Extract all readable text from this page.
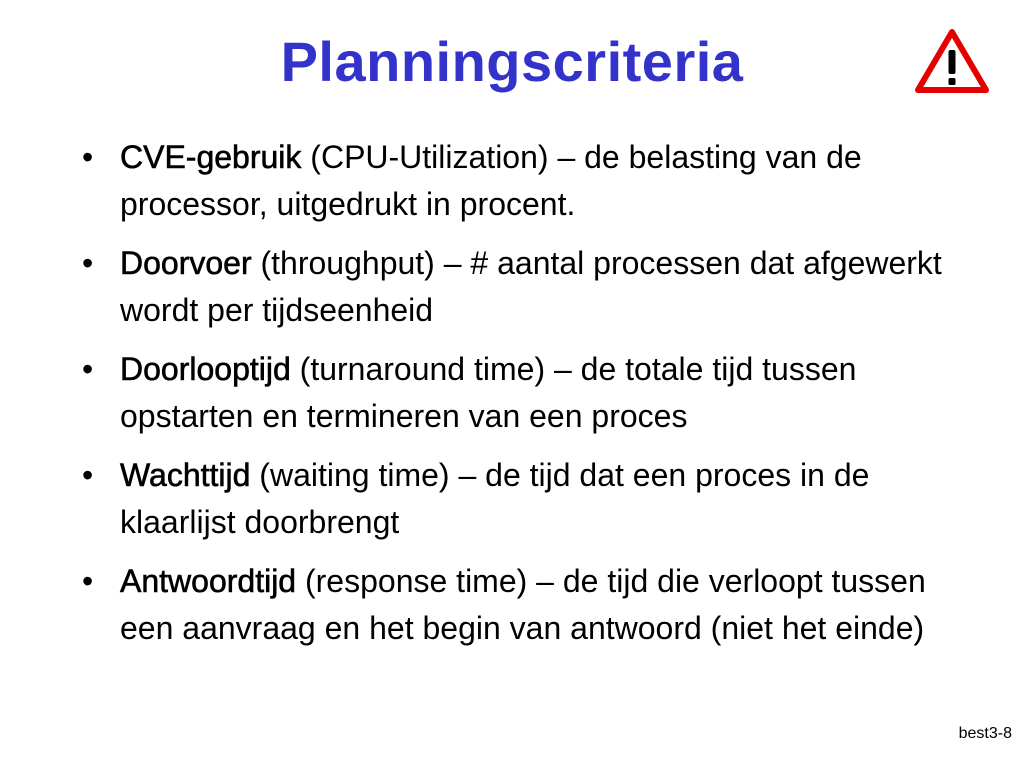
Planningscriteria
• CVE-gebruik (CPU-Utilization) – de belasting van de processor, uitgedrukt in procent.
• Doorvoer (throughput) – # aantal processen dat afgewerkt wordt per tijdseenheid
• Doorlooptijd (turnaround time) – de totale tijd tussen opstarten en termineren van een proces
• Wachttijd (waiting time) – de tijd dat een proces in de klaarlijst doorbrengt
• Antwoordtijd (response time) – de tijd die verloopt tussen een aanvraag en het begin van antwoord (niet het einde)
best3-8
